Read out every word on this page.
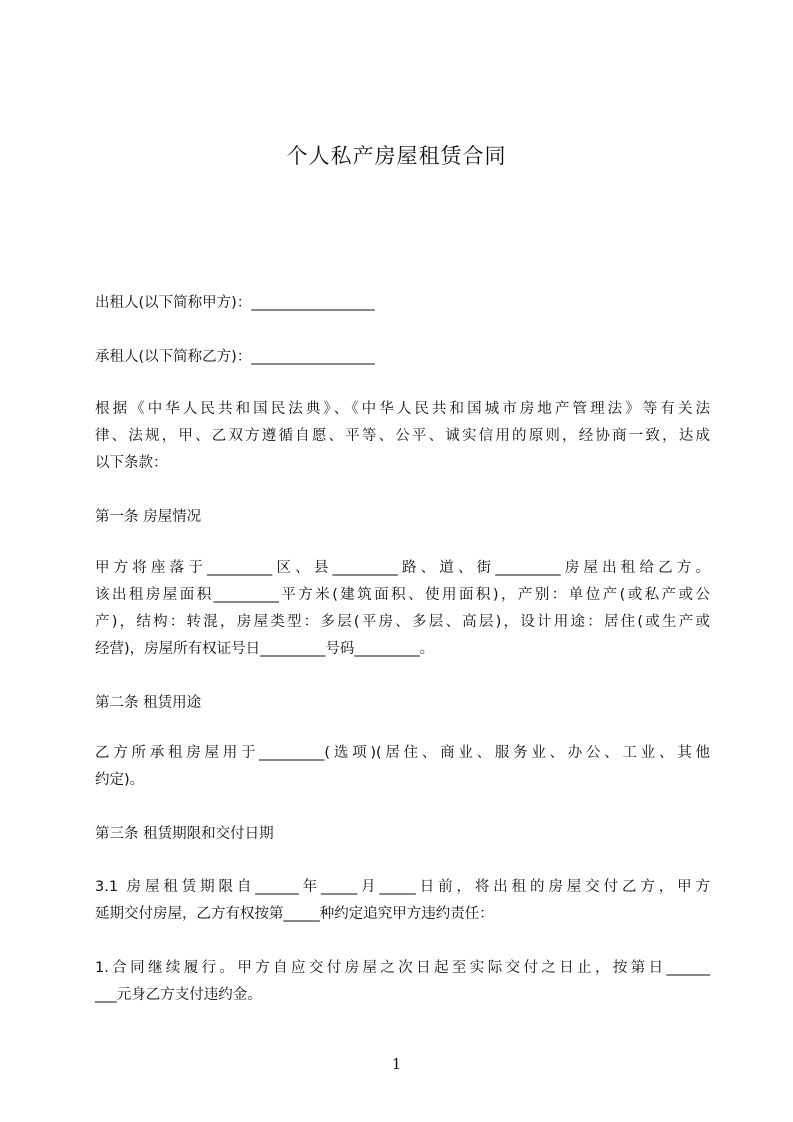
个人私产房屋租赁合同
出租人(以下简称甲方)：_________________
承租人(以下简称乙方)：_________________
根据《中华人民共和国民法典》、《中华人民共和国城市房地产管理法》等有关法
律、法规，甲、乙双方遵循自愿、平等、公平、诚实信用的原则，经协商一致，达成
以下条款：
第一条 房屋情况
甲方将座落于_________区、县_________路、道、街_________房屋出租给乙方。
该出租房屋面积_________平方米(建筑面积、使用面积)，产别：单位产(或私产或公
产)，结构：转混，房屋类型：多层(平房、多层、高层)，设计用途：居住(或生产或
经营)，房屋所有权证号日_________号码_________。
第二条 租赁用途
乙方所承租房屋用于_________(选项)(居住、商业、服务业、办公、工业、其他
约定)。
第三条 租赁期限和交付日期
3.1 房屋租赁期限自______年_____月_____日前，将出租的房屋交付乙方，甲方
延期交付房屋，乙方有权按第_____种约定追究甲方违约责任：
1.合同继续履行。甲方自应交付房屋之次日起至实际交付之日止，按第日______
___元身乙方支付违约金。
1
